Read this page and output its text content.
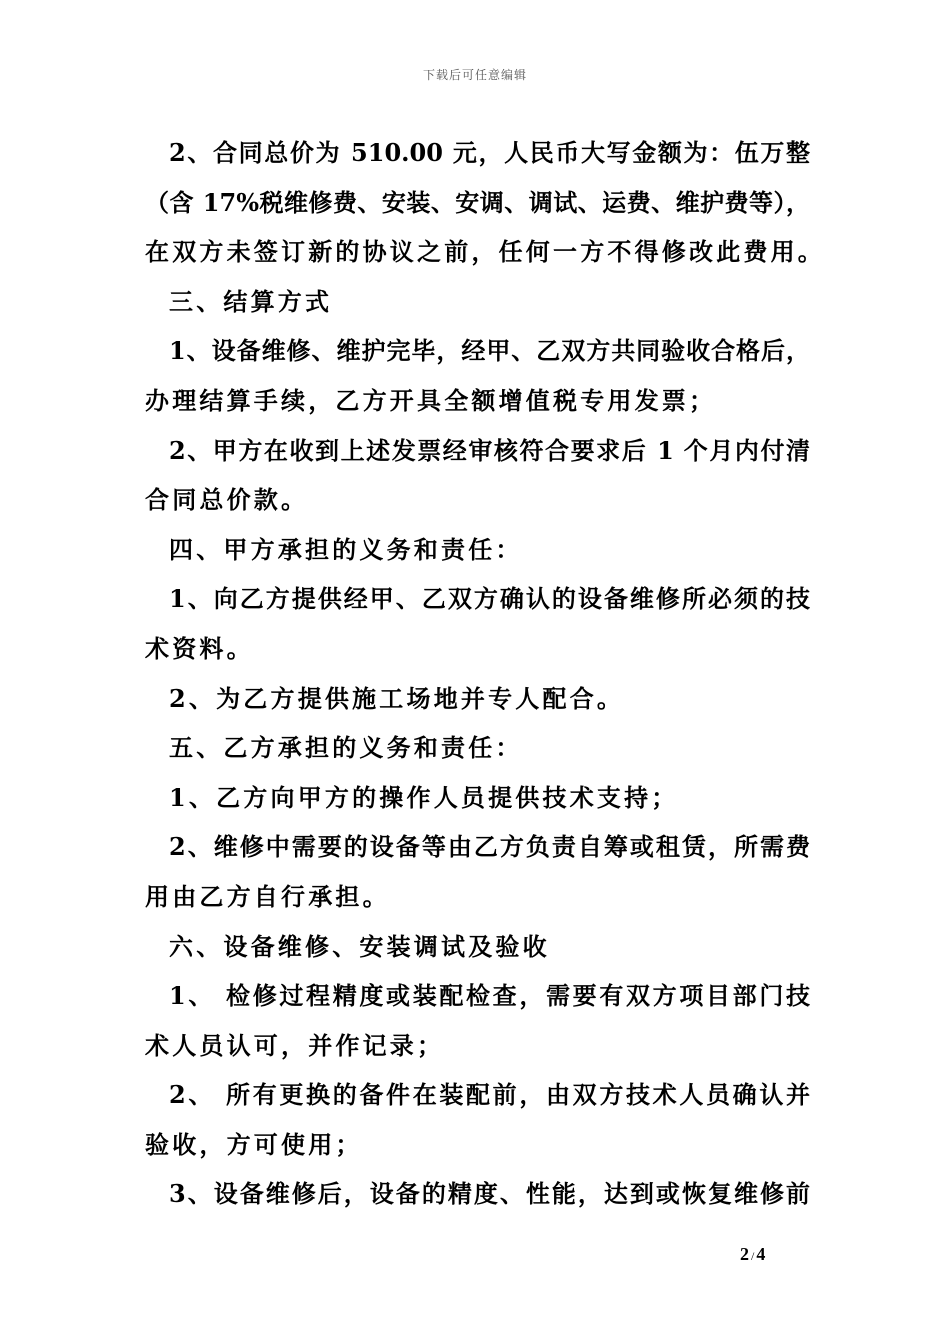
下载后可任意编辑
2、合同总价为 510.00 元，人民币大写金额为：伍万整
（含 17%税维修费、安装、安调、调试、运费、维护费等），
在双方未签订新的协议之前，任何一方不得修改此费用。
三、结算方式
1、设备维修、维护完毕，经甲、乙双方共同验收合格后，
办理结算手续，乙方开具全额增值税专用发票；
2、甲方在收到上述发票经审核符合要求后 1 个月内付清
合同总价款。
四、甲方承担的义务和责任：
1、向乙方提供经甲、乙双方确认的设备维修所必须的技
术资料。
2、为乙方提供施工场地并专人配合。
五、乙方承担的义务和责任：
1、乙方向甲方的操作人员提供技术支持；
2、维修中需要的设备等由乙方负责自筹或租赁，所需费
用由乙方自行承担。
六、设备维修、安装调试及验收
1、 检修过程精度或装配检查，需要有双方项目部门技
术人员认可，并作记录；
2、 所有更换的备件在装配前，由双方技术人员确认并
验收，方可使用；
3、设备维修后，设备的精度、性能，达到或恢复维修前
2 / 4
